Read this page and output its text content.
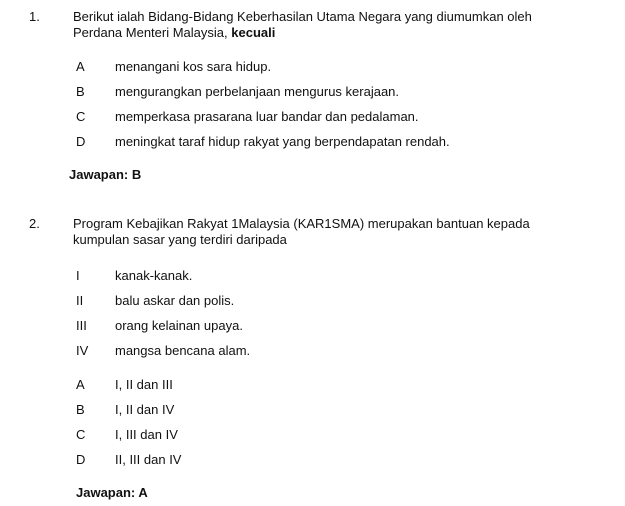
1.	Berikut ialah Bidang-Bidang Keberhasilan Utama Negara yang diumumkan oleh
Perdana Menteri Malaysia, kecuali
A menangani kos sara hidup.
B mengurangkan perbelanjaan mengurus kerajaan.
C memperkasa prasarana luar bandar dan pedalaman.
D meningkat taraf hidup rakyat yang berpendapatan rendah.
Jawapan: B
2.	Program Kebajikan Rakyat 1Malaysia (KAR1SMA) merupakan bantuan kepada
kumpulan sasar yang terdiri daripada
I	kanak-kanak.
II balu askar dan polis.
III orang kelainan upaya.
IV mangsa bencana alam.
A I, II dan III
B I, II dan IV
C I, III dan IV
D II, III dan IV
Jawapan: A
